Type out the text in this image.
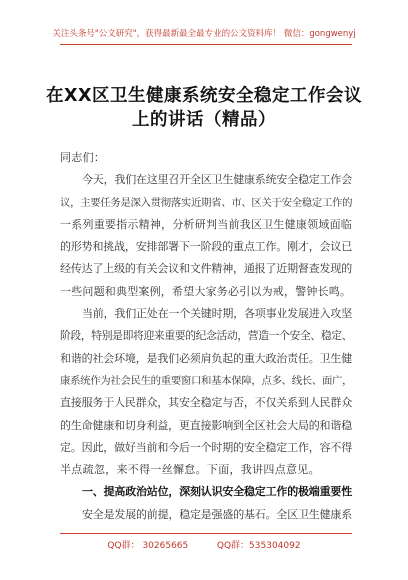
关注头条号"公文研究"，获得最新最全最专业的公文资料库！ 微信：gongwenyj
在XX区卫生健康系统安全稳定工作会议
上的讲话（精品）
同志们：
今天，我们在这里召开全区卫生健康系统安全稳定工作会
议，主要任务是深入贯彻落实近期省、市、区关于安全稳定工作的
一系列重要指示精神，分析研判当前我区卫生健康领域面临
的形势和挑战，安排部署下一阶段的重点工作。刚才，会议已
经传达了上级的有关会议和文件精神，通报了近期督查发现的
一些问题和典型案例，希望大家务必引以为戒，警钟长鸣。
当前，我们正处在一个关键时期，各项事业发展进入攻坚
阶段，特别是即将迎来重要的纪念活动，营造一个安全、稳定、
和谐的社会环境，是我们必须肩负起的重大政治责任。卫生健
康系统作为社会民生的重要窗口和基本保障，点多、线长、面广，
直接服务于人民群众，其安全稳定与否，不仅关系到人民群众
的生命健康和切身利益，更直接影响到全区社会大局的和谐稳
定。因此，做好当前和今后一个时期的安全稳定工作，容不得
半点疏忽，来不得一丝懈怠。下面，我讲四点意见。
一、提高政治站位，深刻认识安全稳定工作的极端重要性
安全是发展的前提，稳定是强盛的基石。全区卫生健康系
QQ群： 30265665          QQ群：535304092
